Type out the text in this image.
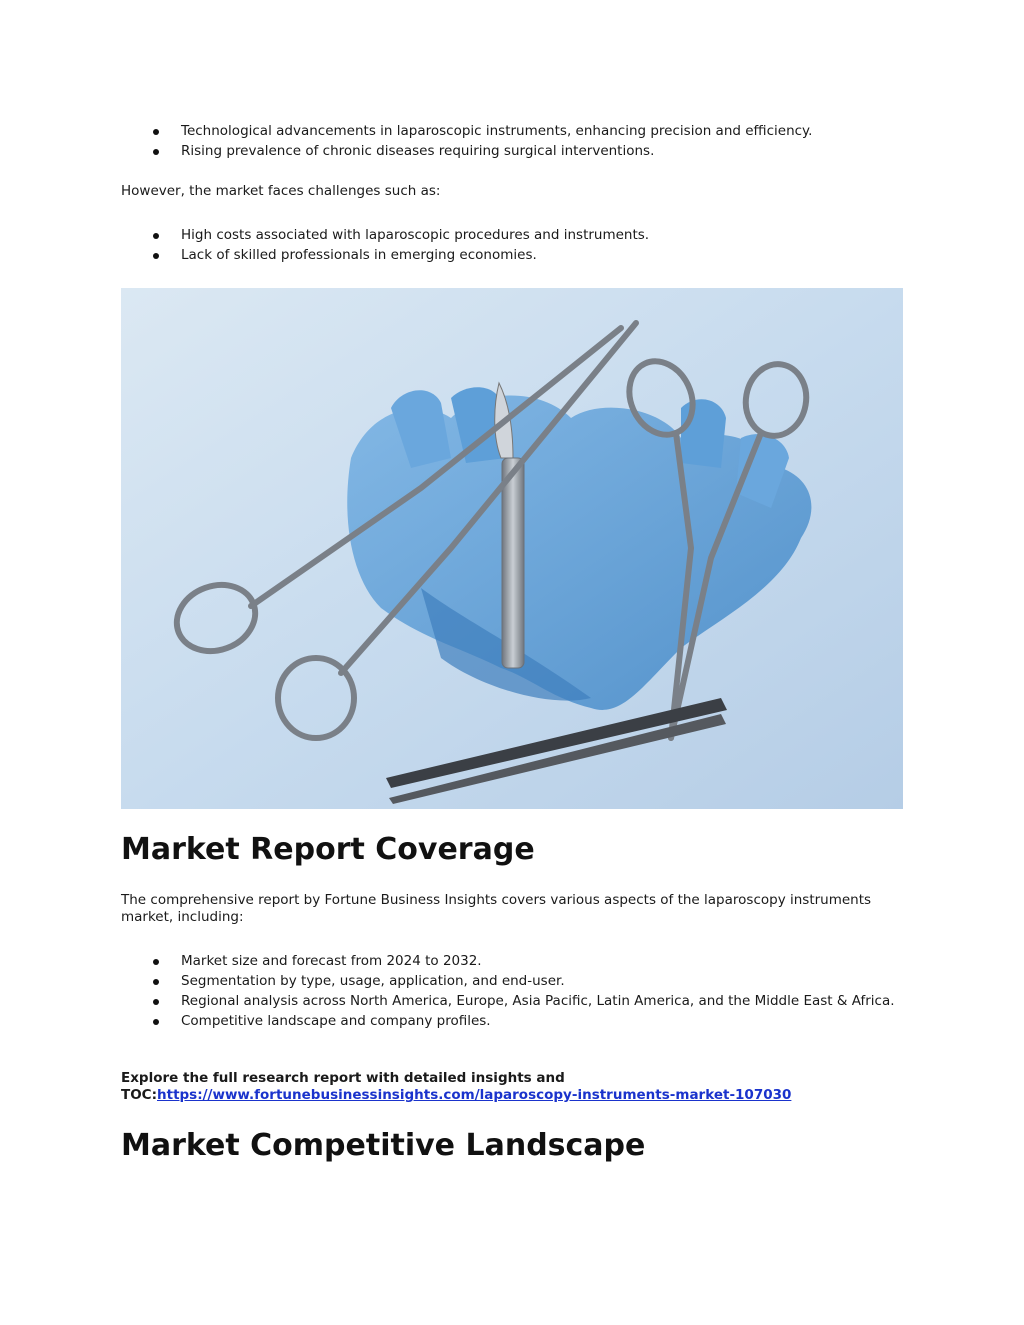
Technological advancements in laparoscopic instruments, enhancing precision and efficiency.
Rising prevalence of chronic diseases requiring surgical interventions.

However, the market faces challenges such as:

High costs associated with laparoscopic procedures and instruments.
Lack of skilled professionals in emerging economies.
Market Report Coverage

The comprehensive report by Fortune Business Insights covers various aspects of the laparoscopy instruments market, including:

Market size and forecast from 2024 to 2032.
Segmentation by type, usage, application, and end-user.
Regional analysis across North America, Europe, Asia Pacific, Latin America, and the Middle East & Africa.
Competitive landscape and company profiles.

Explore the full research report with detailed insights and TOC:https://www.fortunebusinessinsights.com/laparoscopy-instruments-market-107030

Market Competitive Landscape
